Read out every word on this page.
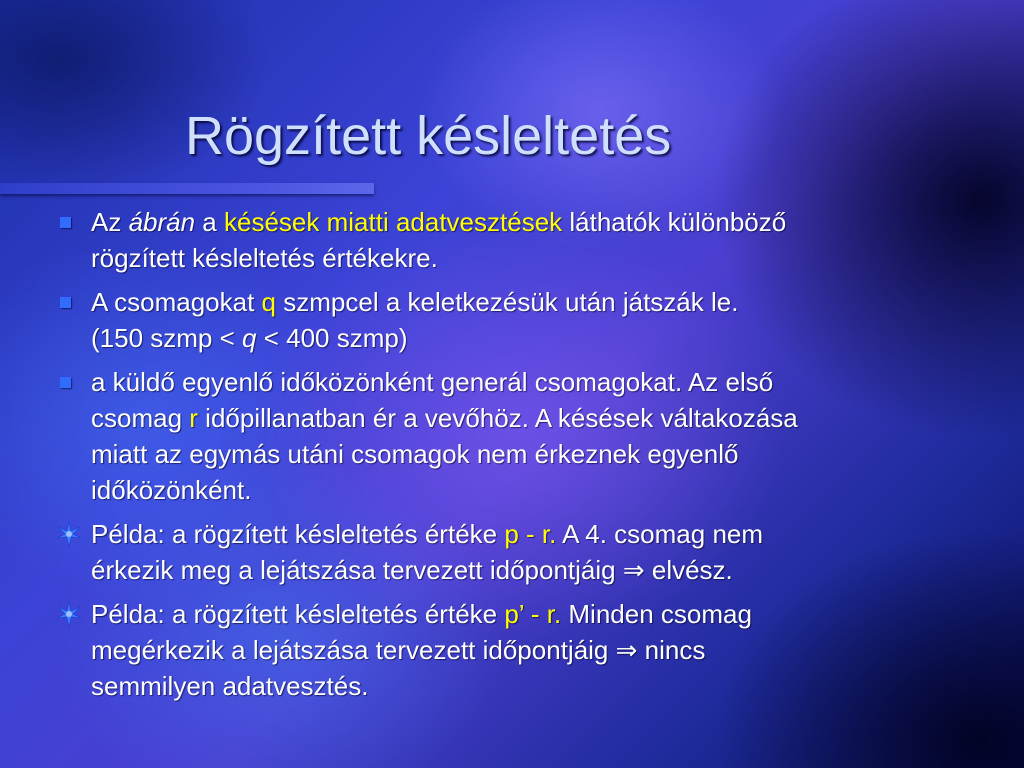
Rögzített késleltetés
Az ábrán a késések miatti adatvesztések láthatók különböző
rögzített késleltetés értékekre.
A csomagokat q szmpcel a keletkezésük után játszák le.
(150 szmp < q < 400 szmp)
a küldő egyenlő időközönként generál csomagokat. Az első
csomag r időpillanatban ér a vevőhöz. A késések váltakozása
miatt az egymás utáni csomagok nem érkeznek egyenlő
időközönként.
Példa: a rögzített késleltetés értéke p - r. A 4. csomag nem
érkezik meg a lejátszása tervezett időpontjáig ⇒ elvész.
Példa: a rögzített késleltetés értéke p’ - r. Minden csomag
megérkezik a lejátszása tervezett időpontjáig ⇒ nincs
semmilyen adatvesztés.
